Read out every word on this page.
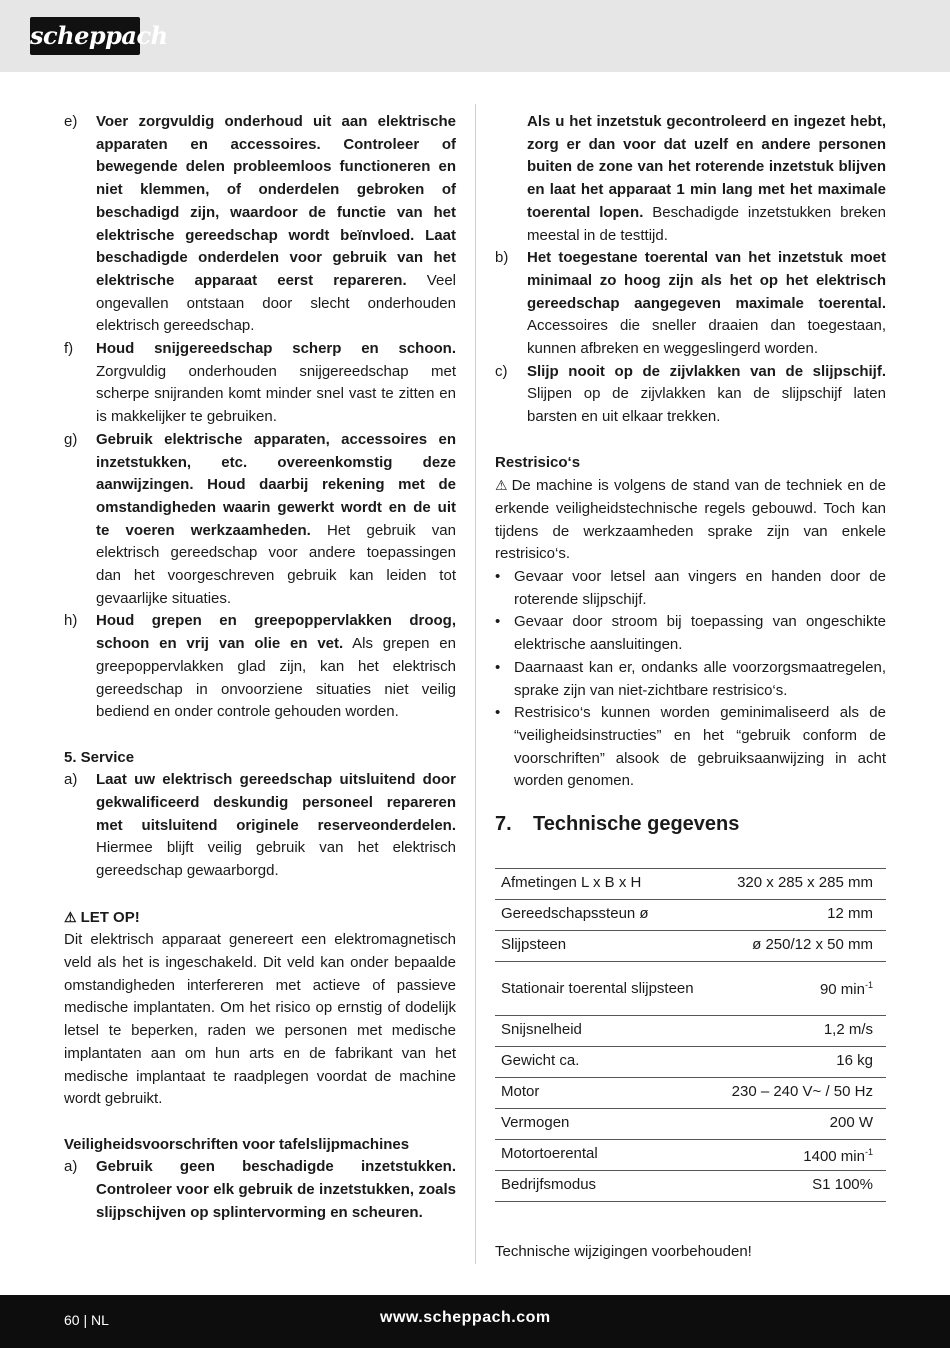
scheppach
e)	Voer zorgvuldig onderhoud uit aan elektrische apparaten en accessoires. Controleer of bewegende delen probleemloos functioneren en niet klemmen, of onderdelen gebroken of beschadigd zijn, waardoor de functie van het elektrische gereedschap wordt beïnvloed. Laat beschadigde onderdelen voor gebruik van het elektrische apparaat eerst repareren. Veel ongevallen ontstaan door slecht onderhouden elektrisch gereedschap.
f)	Houd snijgereedschap scherp en schoon. Zorgvuldig onderhouden snijgereedschap met scherpe snijranden komt minder snel vast te zitten en is makkelijker te gebruiken.
g)	Gebruik elektrische apparaten, accessoires en inzetstukken, etc. overeenkomstig deze aanwijzingen. Houd daarbij rekening met de omstandigheden waarin gewerkt wordt en de uit te voeren werkzaamheden. Het gebruik van elektrisch gereedschap voor andere toepassingen dan het voorgeschreven gebruik kan leiden tot gevaarlijke situaties.
h)	Houd grepen en greepoppervlakken droog, schoon en vrij van olie en vet. Als grepen en greepoppervlakken glad zijn, kan het elektrisch gereedschap in onvoorziene situaties niet veilig bediend en onder controle gehouden worden.
5. Service
a)	Laat uw elektrisch gereedschap uitsluitend door gekwalificeerd deskundig personeel repareren met uitsluitend originele reserveonderdelen. Hiermee blijft veilig gebruik van het elektrisch gereedschap gewaarborgd.
⚠ LET OP!
Dit elektrisch apparaat genereert een elektromagnetisch veld als het is ingeschakeld. Dit veld kan onder bepaalde omstandigheden interfereren met actieve of passieve medische implantaten. Om het risico op ernstig of dodelijk letsel te beperken, raden we personen met medische implantaten aan om hun arts en de fabrikant van het medische implantaat te raadplegen voordat de machine wordt gebruikt.
Veiligheidsvoorschriften voor tafelslijpmachines
a)	Gebruik geen beschadigde inzetstukken. Controleer voor elk gebruik de inzetstukken, zoals slijpschijven op splintervorming en scheuren.
Als u het inzetstuk gecontroleerd en ingezet hebt, zorg er dan voor dat uzelf en andere personen buiten de zone van het roterende inzetstuk blijven en laat het apparaat 1 min lang met het maximale toerental lopen. Beschadigde inzetstukken breken meestal in de testtijd.
b)	Het toegestane toerental van het inzetstuk moet minimaal zo hoog zijn als het op het elektrisch gereedschap aangegeven maximale toerental. Accessoires die sneller draaien dan toegestaan, kunnen afbreken en weggeslingerd worden.
c)	Slijp nooit op de zijvlakken van de slijpschijf. Slijpen op de zijvlakken kan de slijpschijf laten barsten en uit elkaar trekken.
Restrisico‘s
⚠ De machine is volgens de stand van de techniek en de erkende veiligheidstechnische regels gebouwd. Toch kan tijdens de werkzaamheden sprake zijn van enkele restrisico‘s.
• Gevaar voor letsel aan vingers en handen door de roterende slijpschijf.
• Gevaar door stroom bij toepassing van ongeschikte elektrische aansluitingen.
• Daarnaast kan er, ondanks alle voorzorgsmaatregelen, sprake zijn van niet-zichtbare restrisico‘s.
• Restrisico‘s kunnen worden geminimaliseerd als de “veiligheidsinstructies” en het “gebruik conform de voorschriften” alsook de gebruiksaanwijzing in acht worden genomen.
7.	Technische gegevens
Afmetingen L x B x H	320 x 285 x 285 mm
Gereedschapssteun ø	12 mm
Slijpsteen	ø 250/12 x 50 mm
Stationair toerental slijpsteen	90 $\min^{-1}$
Snijsnelheid	1,2 m/s
Gewicht ca.	16 kg
Motor	230 – 240 V~ / 50 Hz
Vermogen	200 W
Motortoerental	1400 $\min^{-1}$
Bedrijfsmodus	S1 100%
Technische wijzigingen voorbehouden!
60 | NL	www.scheppach.com
